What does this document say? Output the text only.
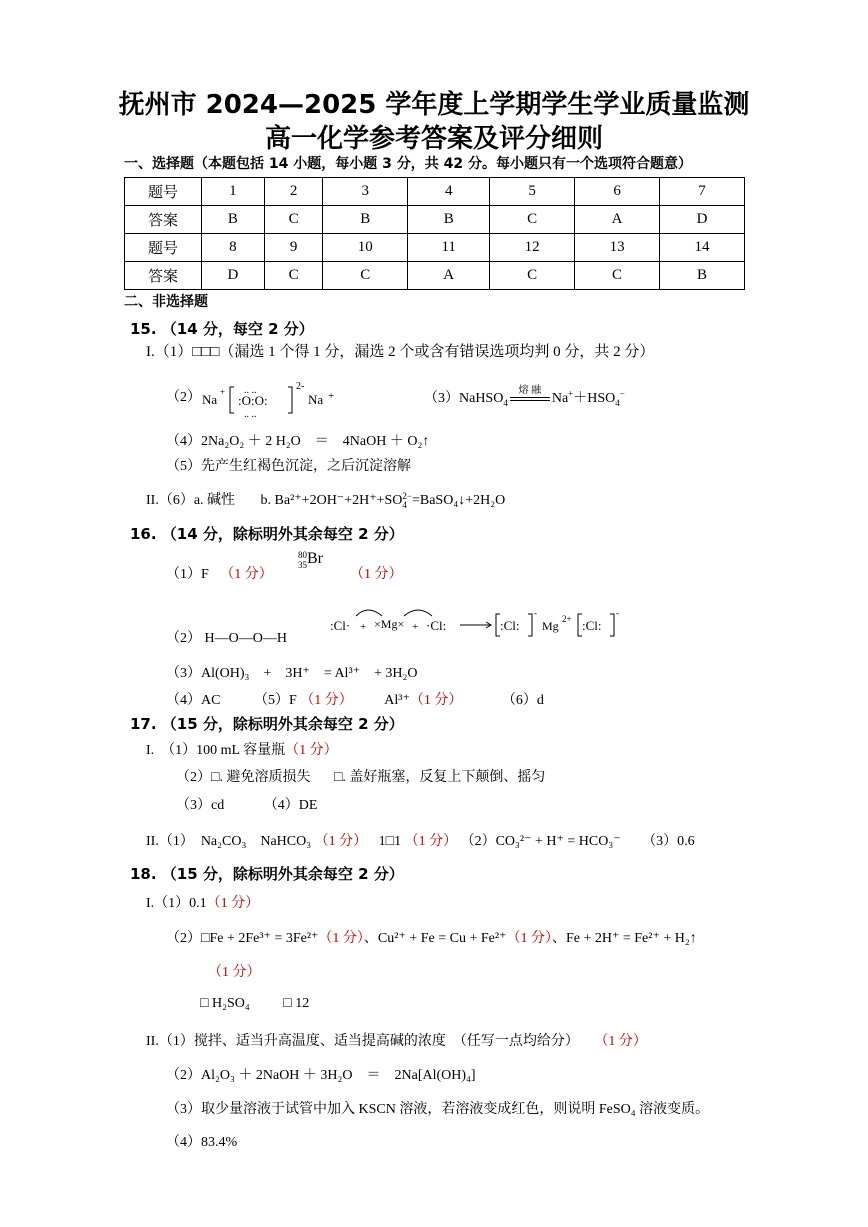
抚州市 2024—2025 学年度上学期学生学业质量监测
高一化学参考答案及评分细则
一、选择题（本题包括 14 小题，每小题 3 分，共 42 分。每小题只有一个选项符合题意）
题号	1	2	3	4	5	6	7
答案	B	C	B	B	C	A	D
题号	8	9	10	11	12	13	14
答案	D	C	C	A	C	C	B
二、非选择题
15. （14 分，每空 2 分）
I.（1）□□□（漏选 1 个得 1 分，漏选 2 个或含有错误选项均判 0 分，共 2 分）
（2） Na +
:O:O:
.. ..
.. ..
2-
Na +	（3）NaHSO$_4$
熔 融
$Na^++HSO_4^-$
（4）2Na₂O₂ ＋ 2 H₂O　＝　4NaOH ＋ O₂↑
（5）先产生红褐色沉淀，之后沉淀溶解
II.（6）a. 碱性 b. Ba²⁺+2OH⁻+2H⁺+SO2−
4 =BaSO₄↓+2H₂O
16. （14 分，除标明外其余每空 2 分）
（1）F （1 分）
80
35Br
（1 分）
（2） H—O—O—H
:Cl· + ×Mg× + ·Cl:	:Cl:
-
Mg 2+ :Cl:
-
（3）Al(OH)₃　+　3H⁺　= Al³⁺　+ 3H₂O
（4）AC （5）F （1 分） Al³⁺（1 分）	（6）d
17. （15 分，除标明外其余每空 2 分）
I.　（1）100 mL 容量瓶（1 分）
（2）□. 避免溶质损失 □. 盖好瓶塞，反复上下颠倒、摇匀
（3）cd	（4）DE
II.（1）　Na₂CO₃　NaHCO₃ （1 分） 1□1 （1 分） （2）CO₃²⁻ + H⁺ = HCO₃⁻ （3）0.6
18. （15 分，除标明外其余每空 2 分）
I.（1）0.1（1 分）
（2）□Fe + 2Fe³⁺ = 3Fe²⁺（1 分）、Cu²⁺ + Fe = Cu + Fe²⁺（1 分）、Fe + 2H⁺ = Fe²⁺ + H₂↑
（1 分）
□ H₂SO₄ □ 12
II.（1）搅拌、适当升高温度、适当提高碱的浓度　（任写一点均给分） （1 分）
（2）Al₂O₃ ＋ 2NaOH ＋ 3H₂O　＝　2Na[Al(OH)₄]
（3）取少量溶液于试管中加入 KSCN 溶液，若溶液变成红色，则说明 FeSO₄ 溶液变质。
（4）83.4%
